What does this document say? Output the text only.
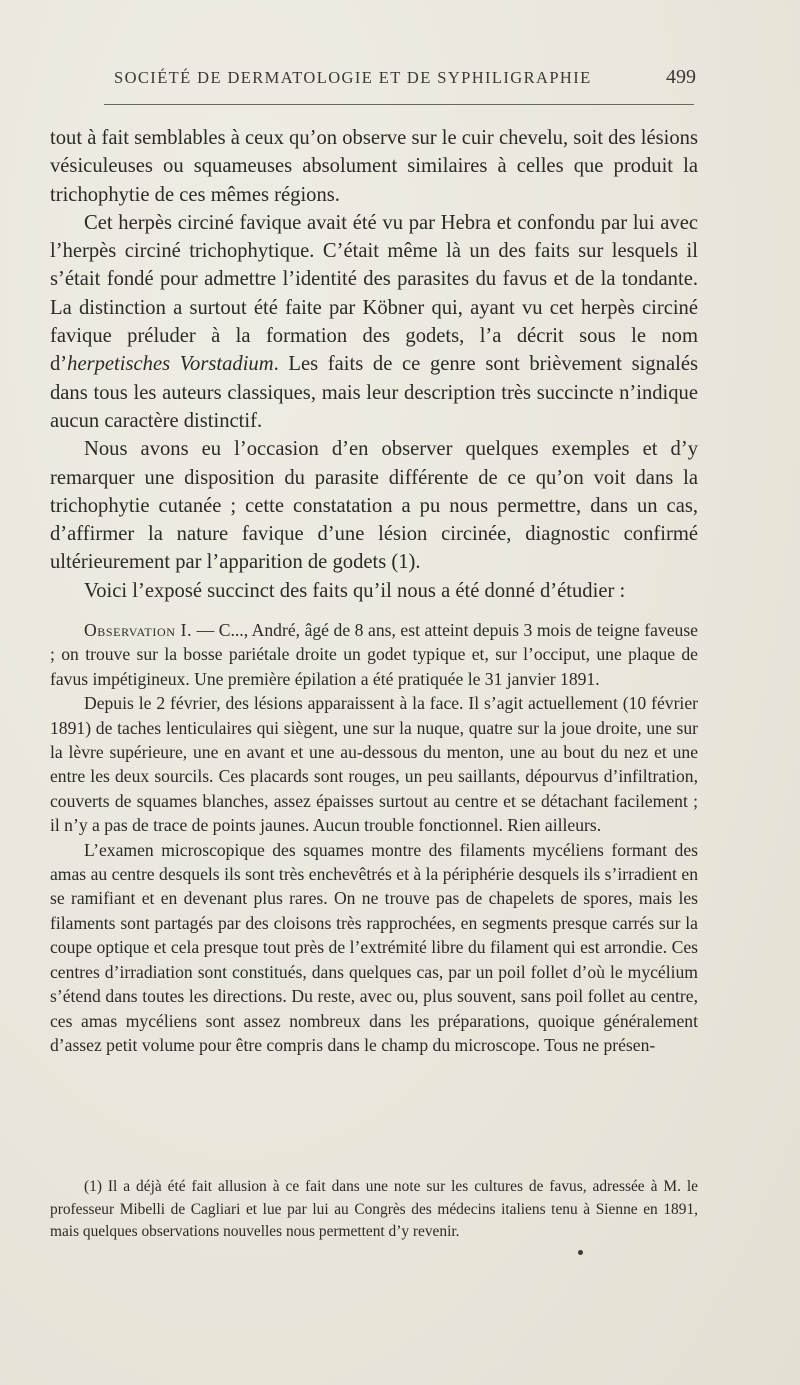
SOCIÉTÉ DE DERMATOLOGIE ET DE SYPHILIGRAPHIE	499

tout à fait semblables à ceux qu’on observe sur le cuir chevelu, soit des lésions vésiculeuses ou squameuses absolument similaires à celles que produit la trichophytie de ces mêmes régions.

Cet herpès circiné favique avait été vu par Hebra et confondu par lui avec l’herpès circiné trichophytique. C’était même là un des faits sur lesquels il s’était fondé pour admettre l’identité des parasites du favus et de la tondante. La distinction a surtout été faite par Köbner qui, ayant vu cet herpès circiné favique préluder à la formation des godets, l’a décrit sous le nom d’herpetisches Vorstadium. Les faits de ce genre sont brièvement signalés dans tous les auteurs classiques, mais leur description très succincte n’indique aucun caractère distinctif.

Nous avons eu l’occasion d’en observer quelques exemples et d’y remarquer une disposition du parasite différente de ce qu’on voit dans la trichophytie cutanée ; cette constatation a pu nous permettre, dans un cas, d’affirmer la nature favique d’une lésion circinée, diagnostic confirmé ultérieurement par l’apparition de godets (1).

Voici l’exposé succinct des faits qu’il nous a été donné d’étudier :

Observation I. — C..., André, âgé de 8 ans, est atteint depuis 3 mois de teigne faveuse ; on trouve sur la bosse pariétale droite un godet typique et, sur l’occiput, une plaque de favus impétigineux. Une première épilation a été pratiquée le 31 janvier 1891.

Depuis le 2 février, des lésions apparaissent à la face. Il s’agit actuellement (10 février 1891) de taches lenticulaires qui siègent, une sur la nuque, quatre sur la joue droite, une sur la lèvre supérieure, une en avant et une au-dessous du menton, une au bout du nez et une entre les deux sourcils. Ces placards sont rouges, un peu saillants, dépourvus d’infiltration, couverts de squames blanches, assez épaisses surtout au centre et se détachant facilement ; il n’y a pas de trace de points jaunes. Aucun trouble fonctionnel. Rien ailleurs.

L’examen microscopique des squames montre des filaments mycéliens formant des amas au centre desquels ils sont très enchevêtrés et à la périphérie desquels ils s’irradient en se ramifiant et en devenant plus rares. On ne trouve pas de chapelets de spores, mais les filaments sont partagés par des cloisons très rapprochées, en segments presque carrés sur la coupe optique et cela presque tout près de l’extrémité libre du filament qui est arrondie. Ces centres d’irradiation sont constitués, dans quelques cas, par un poil follet d’où le mycélium s’étend dans toutes les directions. Du reste, avec ou, plus souvent, sans poil follet au centre, ces amas mycéliens sont assez nombreux dans les préparations, quoique généralement d’assez petit volume pour être compris dans le champ du microscope. Tous ne présen-

(1) Il a déjà été fait allusion à ce fait dans une note sur les cultures de favus, adressée à M. le professeur Mibelli de Cagliari et lue par lui au Congrès des médecins italiens tenu à Sienne en 1891, mais quelques observations nouvelles nous permettent d’y revenir.
